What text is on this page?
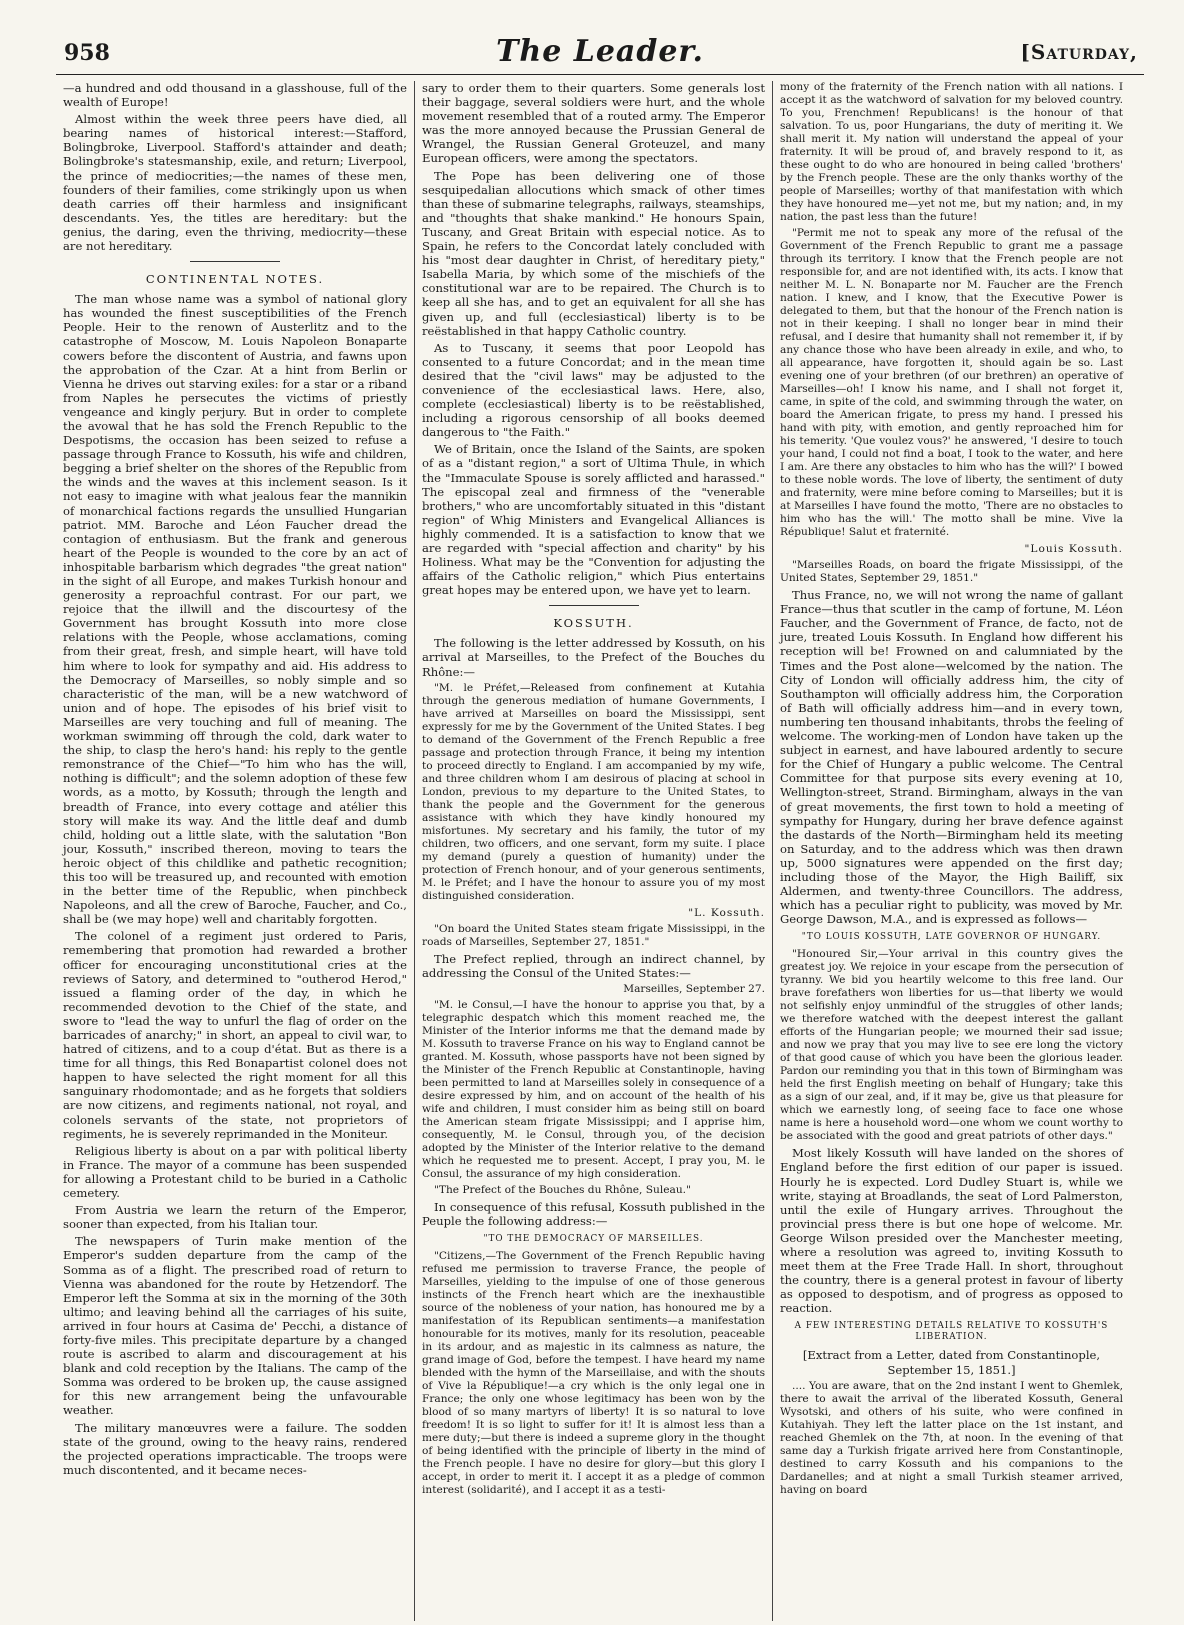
958	The Leader.	[Saturday,

—a hundred and odd thousand in a glasshouse, full of the wealth of Europe!

Almost within the week three peers have died, all bearing names of historical interest:—Stafford, Bolingbroke, Liverpool. Stafford's attainder and death; Bolingbroke's statesmanship, exile, and return; Liverpool, the prince of mediocrities;—the names of these men, founders of their families, come strikingly upon us when death carries off their harmless and insignificant descendants. Yes, the titles are hereditary: but the genius, the daring, even the thriving, mediocrity—these are not hereditary.

CONTINENTAL NOTES.

The man whose name was a symbol of national glory has wounded the finest susceptibilities of the French People. Heir to the renown of Austerlitz and to the catastrophe of Moscow, M. Louis Napoleon Bonaparte cowers before the discontent of Austria, and fawns upon the approbation of the Czar. At a hint from Berlin or Vienna he drives out starving exiles: for a star or a riband from Naples he persecutes the victims of priestly vengeance and kingly perjury. But in order to complete the avowal that he has sold the French Republic to the Despotisms, the occasion has been seized to refuse a passage through France to Kossuth, his wife and children, begging a brief shelter on the shores of the Republic from the winds and the waves at this inclement season. Is it not easy to imagine with what jealous fear the mannikin of monarchical factions regards the unsullied Hungarian patriot. MM. Baroche and Léon Faucher dread the contagion of enthusiasm. But the frank and generous heart of the People is wounded to the core by an act of inhospitable barbarism which degrades "the great nation" in the sight of all Europe, and makes Turkish honour and generosity a reproachful contrast. For our part, we rejoice that the illwill and the discourtesy of the Government has brought Kossuth into more close relations with the People, whose acclamations, coming from their great, fresh, and simple heart, will have told him where to look for sympathy and aid. His address to the Democracy of Marseilles, so nobly simple and so characteristic of the man, will be a new watchword of union and of hope. The episodes of his brief visit to Marseilles are very touching and full of meaning. The workman swimming off through the cold, dark water to the ship, to clasp the hero's hand: his reply to the gentle remonstrance of the Chief—"To him who has the will, nothing is difficult"; and the solemn adoption of these few words, as a motto, by Kossuth; through the length and breadth of France, into every cottage and atélier this story will make its way. And the little deaf and dumb child, holding out a little slate, with the salutation "Bon jour, Kossuth," inscribed thereon, moving to tears the heroic object of this childlike and pathetic recognition; this too will be treasured up, and recounted with emotion in the better time of the Republic, when pinchbeck Napoleons, and all the crew of Baroche, Faucher, and Co., shall be (we may hope) well and charitably forgotten.

The colonel of a regiment just ordered to Paris, remembering that promotion had rewarded a brother officer for encouraging unconstitutional cries at the reviews of Satory, and determined to "outherod Herod," issued a flaming order of the day, in which he recommended devotion to the Chief of the state, and swore to "lead the way to unfurl the flag of order on the barricades of anarchy;" in short, an appeal to civil war, to hatred of citizens, and to a coup d'état. But as there is a time for all things, this Red Bonapartist colonel does not happen to have selected the right moment for all this sanguinary rhodomontade; and as he forgets that soldiers are now citizens, and regiments national, not royal, and colonels servants of the state, not proprietors of regiments, he is severely reprimanded in the Moniteur.

Religious liberty is about on a par with political liberty in France. The mayor of a commune has been suspended for allowing a Protestant child to be buried in a Catholic cemetery.

From Austria we learn the return of the Emperor, sooner than expected, from his Italian tour.

The newspapers of Turin make mention of the Emperor's sudden departure from the camp of the Somma as of a flight. The prescribed road of return to Vienna was abandoned for the route by Hetzendorf. The Emperor left the Somma at six in the morning of the 30th ultimo; and leaving behind all the carriages of his suite, arrived in four hours at Casima de' Pecchi, a distance of forty-five miles. This precipitate departure by a changed route is ascribed to alarm and discouragement at his blank and cold reception by the Italians. The camp of the Somma was ordered to be broken up, the cause assigned for this new arrangement being the unfavourable weather.

The military manœuvres were a failure. The sodden state of the ground, owing to the heavy rains, rendered the projected operations impracticable. The troops were much discontented, and it became neces-

sary to order them to their quarters. Some generals lost their baggage, several soldiers were hurt, and the whole movement resembled that of a routed army. The Emperor was the more annoyed because the Prussian General de Wrangel, the Russian General Groteuzel, and many European officers, were among the spectators.

The Pope has been delivering one of those sesquipedalian allocutions which smack of other times than these of submarine telegraphs, railways, steamships, and "thoughts that shake mankind." He honours Spain, Tuscany, and Great Britain with especial notice. As to Spain, he refers to the Concordat lately concluded with his "most dear daughter in Christ, of hereditary piety," Isabella Maria, by which some of the mischiefs of the constitutional war are to be repaired. The Church is to keep all she has, and to get an equivalent for all she has given up, and full (ecclesiastical) liberty is to be reëstablished in that happy Catholic country.

As to Tuscany, it seems that poor Leopold has consented to a future Concordat; and in the mean time desired that the "civil laws" may be adjusted to the convenience of the ecclesiastical laws. Here, also, complete (ecclesiastical) liberty is to be reëstablished, including a rigorous censorship of all books deemed dangerous to "the Faith."

We of Britain, once the Island of the Saints, are spoken of as a "distant region," a sort of Ultima Thule, in which the "Immaculate Spouse is sorely afflicted and harassed." The episcopal zeal and firmness of the "venerable brothers," who are uncomfortably situated in this "distant region" of Whig Ministers and Evangelical Alliances is highly commended. It is a satisfaction to know that we are regarded with "special affection and charity" by his Holiness. What may be the "Convention for adjusting the affairs of the Catholic religion," which Pius entertains great hopes may be entered upon, we have yet to learn.

KOSSUTH.

The following is the letter addressed by Kossuth, on his arrival at Marseilles, to the Prefect of the Bouches du Rhône:—

"M. le Préfet,—Released from confinement at Kutahia through the generous mediation of humane Governments, I have arrived at Marseilles on board the Mississippi, sent expressly for me by the Government of the United States. I beg to demand of the Government of the French Republic a free passage and protection through France, it being my intention to proceed directly to England. I am accompanied by my wife, and three children whom I am desirous of placing at school in London, previous to my departure to the United States, to thank the people and the Government for the generous assistance with which they have kindly honoured my misfortunes. My secretary and his family, the tutor of my children, two officers, and one servant, form my suite. I place my demand (purely a question of humanity) under the protection of French honour, and of your generous sentiments, M. le Préfet; and I have the honour to assure you of my most distinguished consideration.

"L. Kossuth.

"On board the United States steam frigate Mississippi, in the roads of Marseilles, September 27, 1851."

The Prefect replied, through an indirect channel, by addressing the Consul of the United States:—

Marseilles, September 27.

"M. le Consul,—I have the honour to apprise you that, by a telegraphic despatch which this moment reached me, the Minister of the Interior informs me that the demand made by M. Kossuth to traverse France on his way to England cannot be granted. M. Kossuth, whose passports have not been signed by the Minister of the French Republic at Constantinople, having been permitted to land at Marseilles solely in consequence of a desire expressed by him, and on account of the health of his wife and children, I must consider him as being still on board the American steam frigate Mississippi; and I apprise him, consequently, M. le Consul, through you, of the decision adopted by the Minister of the Interior relative to the demand which he requested me to present. Accept, I pray you, M. le Consul, the assurance of my high consideration.

"The Prefect of the Bouches du Rhône, Suleau."

In consequence of this refusal, Kossuth published in the Peuple the following address:—

"TO THE DEMOCRACY OF MARSEILLES.

"Citizens,—The Government of the French Republic having refused me permission to traverse France, the people of Marseilles, yielding to the impulse of one of those generous instincts of the French heart which are the inexhaustible source of the nobleness of your nation, has honoured me by a manifestation of its Republican sentiments—a manifestation honourable for its motives, manly for its resolution, peaceable in its ardour, and as majestic in its calmness as nature, the grand image of God, before the tempest. I have heard my name blended with the hymn of the Marseillaise, and with the shouts of Vive la République!—a cry which is the only legal one in France; the only one whose legitimacy has been won by the blood of so many martyrs of liberty! It is so natural to love freedom! It is so light to suffer for it! It is almost less than a mere duty;—but there is indeed a supreme glory in the thought of being identified with the principle of liberty in the mind of the French people. I have no desire for glory—but this glory I accept, in order to merit it. I accept it as a pledge of common interest (solidarité), and I accept it as a testi-

mony of the fraternity of the French nation with all nations. I accept it as the watchword of salvation for my beloved country. To you, Frenchmen! Republicans! is the honour of that salvation. To us, poor Hungarians, the duty of meriting it. We shall merit it. My nation will understand the appeal of your fraternity. It will be proud of, and bravely respond to it, as these ought to do who are honoured in being called 'brothers' by the French people. These are the only thanks worthy of the people of Marseilles; worthy of that manifestation with which they have honoured me—yet not me, but my nation; and, in my nation, the past less than the future!

"Permit me not to speak any more of the refusal of the Government of the French Republic to grant me a passage through its territory. I know that the French people are not responsible for, and are not identified with, its acts. I know that neither M. L. N. Bonaparte nor M. Faucher are the French nation. I knew, and I know, that the Executive Power is delegated to them, but that the honour of the French nation is not in their keeping. I shall no longer bear in mind their refusal, and I desire that humanity shall not remember it, if by any chance those who have been already in exile, and who, to all appearance, have forgotten it, should again be so. Last evening one of your brethren (of our brethren) an operative of Marseilles—oh! I know his name, and I shall not forget it, came, in spite of the cold, and swimming through the water, on board the American frigate, to press my hand. I pressed his hand with pity, with emotion, and gently reproached him for his temerity. 'Que voulez vous?' he answered, 'I desire to touch your hand, I could not find a boat, I took to the water, and here I am. Are there any obstacles to him who has the will?' I bowed to these noble words. The love of liberty, the sentiment of duty and fraternity, were mine before coming to Marseilles; but it is at Marseilles I have found the motto, 'There are no obstacles to him who has the will.' The motto shall be mine. Vive la République! Salut et fraternité.

"Louis Kossuth.

"Marseilles Roads, on board the frigate Mississippi, of the United States, September 29, 1851."

Thus France, no, we will not wrong the name of gallant France—thus that scutler in the camp of fortune, M. Léon Faucher, and the Government of France, de facto, not de jure, treated Louis Kossuth. In England how different his reception will be! Frowned on and calumniated by the Times and the Post alone—welcomed by the nation. The City of London will officially address him, the city of Southampton will officially address him, the Corporation of Bath will officially address him—and in every town, numbering ten thousand inhabitants, throbs the feeling of welcome. The working-men of London have taken up the subject in earnest, and have laboured ardently to secure for the Chief of Hungary a public welcome. The Central Committee for that purpose sits every evening at 10, Wellington-street, Strand. Birmingham, always in the van of great movements, the first town to hold a meeting of sympathy for Hungary, during her brave defence against the dastards of the North—Birmingham held its meeting on Saturday, and to the address which was then drawn up, 5000 signatures were appended on the first day; including those of the Mayor, the High Bailiff, six Aldermen, and twenty-three Councillors. The address, which has a peculiar right to publicity, was moved by Mr. George Dawson, M.A., and is expressed as follows—

"TO LOUIS KOSSUTH, LATE GOVERNOR OF HUNGARY.

"Honoured Sir,—Your arrival in this country gives the greatest joy. We rejoice in your escape from the persecution of tyranny. We bid you heartily welcome to this free land. Our brave forefathers won liberties for us—that liberty we would not selfishly enjoy unmindful of the struggles of other lands; we therefore watched with the deepest interest the gallant efforts of the Hungarian people; we mourned their sad issue; and now we pray that you may live to see ere long the victory of that good cause of which you have been the glorious leader. Pardon our reminding you that in this town of Birmingham was held the first English meeting on behalf of Hungary; take this as a sign of our zeal, and, if it may be, give us that pleasure for which we earnestly long, of seeing face to face one whose name is here a household word—one whom we count worthy to be associated with the good and great patriots of other days."

Most likely Kossuth will have landed on the shores of England before the first edition of our paper is issued. Hourly he is expected. Lord Dudley Stuart is, while we write, staying at Broadlands, the seat of Lord Palmerston, until the exile of Hungary arrives. Throughout the provincial press there is but one hope of welcome. Mr. George Wilson presided over the Manchester meeting, where a resolution was agreed to, inviting Kossuth to meet them at the Free Trade Hall. In short, throughout the country, there is a general protest in favour of liberty as opposed to despotism, and of progress as opposed to reaction.

A FEW INTERESTING DETAILS RELATIVE TO KOSSUTH'S LIBERATION.

[Extract from a Letter, dated from Constantinople, September 15, 1851.]

.... You are aware, that on the 2nd instant I went to Ghemlek, there to await the arrival of the liberated Kossuth, General Wysotski, and others of his suite, who were confined in Kutahiyah. They left the latter place on the 1st instant, and reached Ghemlek on the 7th, at noon. In the evening of that same day a Turkish frigate arrived here from Constantinople, destined to carry Kossuth and his companions to the Dardanelles; and at night a small Turkish steamer arrived, having on board
